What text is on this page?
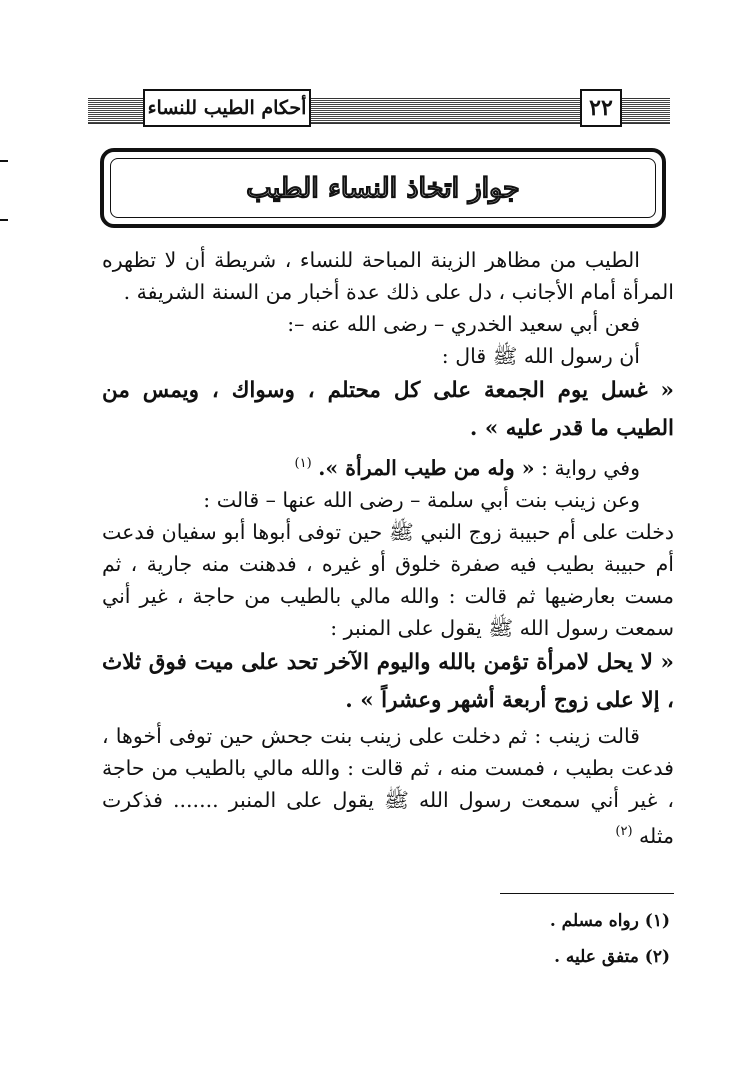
أحكام الطيب للنساء	٢٢
جواز اتخاذ النساء الطيب

الطيب من مظاهر الزينة المباحة للنساء ، شريطة أن لا تظهره المرأة أمام الأجانب ، دل على ذلك عدة أخبار من السنة الشريفة .

فعن أبي سعيد الخدري – رضى الله عنه –:

أن رسول الله ﷺ قال :

« غسل يوم الجمعة على كل محتلم ، وسواك ، ويمس من الطيب ما قدر عليه » .

وفي رواية : « وله من طيب المرأة ». $^{(١)}$

وعن زينب بنت أبي سلمة – رضى الله عنها – قالت :

دخلت على أم حبيبة زوج النبي ﷺ حين توفى أبوها أبو سفيان فدعت أم حبيبة بطيب فيه صفرة خلوق أو غيره ، فدهنت منه جارية ، ثم مست بعارضيها ثم قالت : والله مالي بالطيب من حاجة ، غير أني سمعت رسول الله ﷺ يقول على المنبر :

« لا يحل لامرأة تؤمن بالله واليوم الآخر تحد على ميت فوق ثلاث ، إلا على زوج أربعة أشهر وعشراً » .

قالت زينب : ثم دخلت على زينب بنت جحش حين توفى أخوها ، فدعت بطيب ، فمست منه ، ثم قالت : والله مالي بالطيب من حاجة ، غير أني سمعت رسول الله ﷺ يقول على المنبر ....... فذكرت مثله $^{(٢)}$

(١) رواه مسلم .

(٢) متفق عليه .
